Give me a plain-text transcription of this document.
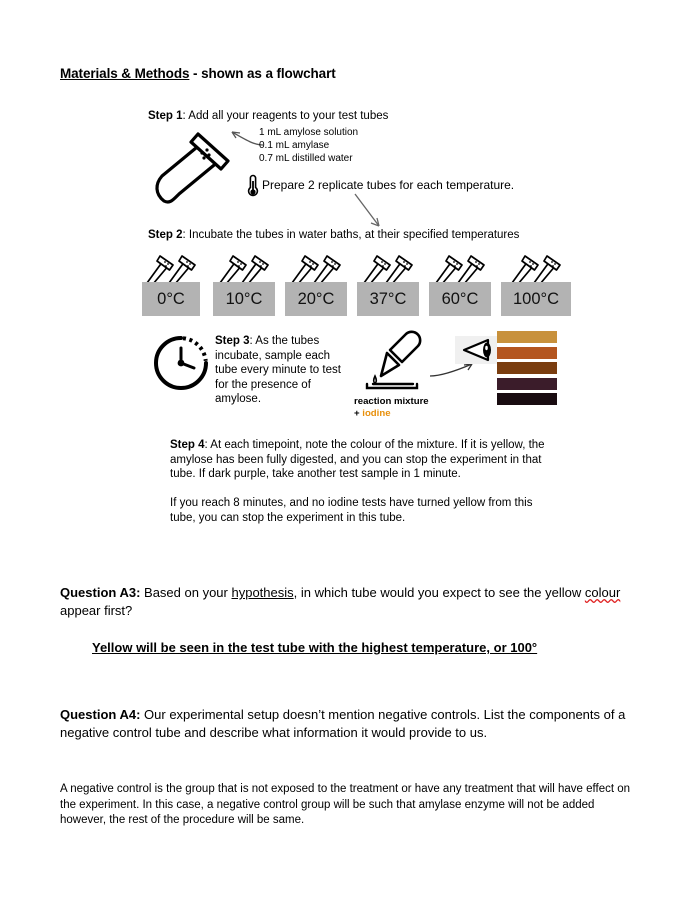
Materials & Methods - shown as a flowchart
Step 1: Add all your reagents to your test tubes
1 mL amylose solution
0.1 mL amylase
0.7 mL distilled water
Prepare 2 replicate tubes for each temperature.
Step 2: Incubate the tubes in water baths, at their specified temperatures
0°C 10°C 20°C 37°C 60°C 100°C
Step 3: As the tubes incubate, sample each tube every minute to test for the presence of amylose.	reaction mixture
+ iodine

Step 4: At each timepoint, note the colour of the mixture. If it is yellow, the amylose has been fully digested, and you can stop the experiment in that tube. If dark purple, take another test sample in 1 minute.

If you reach 8 minutes, and no iodine tests have turned yellow from this tube, you can stop the experiment in this tube.

Question A3: Based on your hypothesis, in which tube would you expect to see the yellow colour appear first?
Yellow will be seen in the test tube with the highest temperature, or 100°
Question A4: Our experimental setup doesn’t mention negative controls. List the components of a negative control tube and describe what information it would provide to us.
A negative control is the group that is not exposed to the treatment or have any treatment that will have effect on the experiment. In this case, a negative control group will be such that amylase enzyme will not be added however, the rest of the procedure will be same.
